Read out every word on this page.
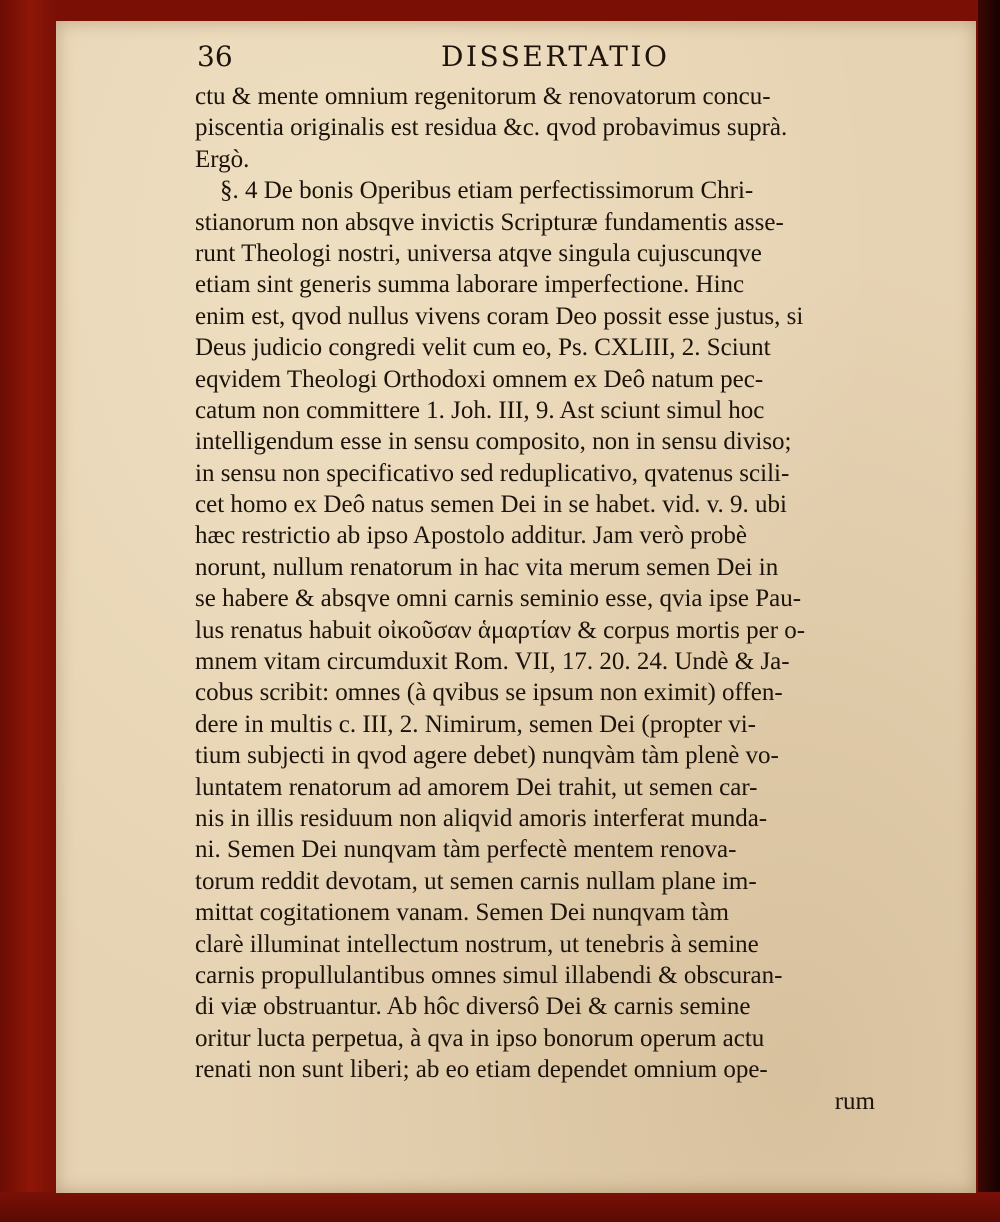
36	DISSERTATIO
ctu & mente omnium regenitorum & renovatorum concu-
piscentia originalis est residua &c. qvod probavimus suprà.
Ergò.
§. 4 De bonis Operibus etiam perfectissimorum Chri-
stianorum non absqve invictis Scripturæ fundamentis asse-
runt Theologi nostri, universa atqve singula cujuscunqve
etiam sint generis summa laborare imperfectione. Hinc
enim est, qvod nullus vivens coram Deo possit esse justus, si
Deus judicio congredi velit cum eo, Ps. CXLIII, 2. Sciunt
eqvidem Theologi Orthodoxi omnem ex Deô natum pec-
catum non committere 1. Joh. III, 9. Ast sciunt simul hoc
intelligendum esse in sensu composito, non in sensu diviso;
in sensu non specificativo sed reduplicativo, qvatenus scili-
cet homo ex Deô natus semen Dei in se habet. vid. v. 9. ubi
hæc restrictio ab ipso Apostolo additur. Jam verò probè
norunt, nullum renatorum in hac vita merum semen Dei in
se habere & absqve omni carnis seminio esse, qvia ipse Pau-
lus renatus habuit οἰκοῦσαν ἁμαρτίαν & corpus mortis per o-
mnem vitam circumduxit Rom. VII, 17. 20. 24. Undè & Ja-
cobus scribit: omnes (à qvibus se ipsum non eximit) offen-
dere in multis c. III, 2. Nimirum, semen Dei (propter vi-
tium subjecti in qvod agere debet) nunqvàm tàm plenè vo-
luntatem renatorum ad amorem Dei trahit, ut semen car-
nis in illis residuum non aliqvid amoris interferat munda-
ni. Semen Dei nunqvam tàm perfectè mentem renova-
torum reddit devotam, ut semen carnis nullam plane im-
mittat cogitationem vanam. Semen Dei nunqvam tàm
clarè illuminat intellectum nostrum, ut tenebris à semine
carnis propullulantibus omnes simul illabendi & obscuran-
di viæ obstruantur. Ab hôc diversô Dei & carnis semine
oritur lucta perpetua, à qva in ipso bonorum operum actu
renati non sunt liberi; ab eo etiam dependet omnium ope-
rum
